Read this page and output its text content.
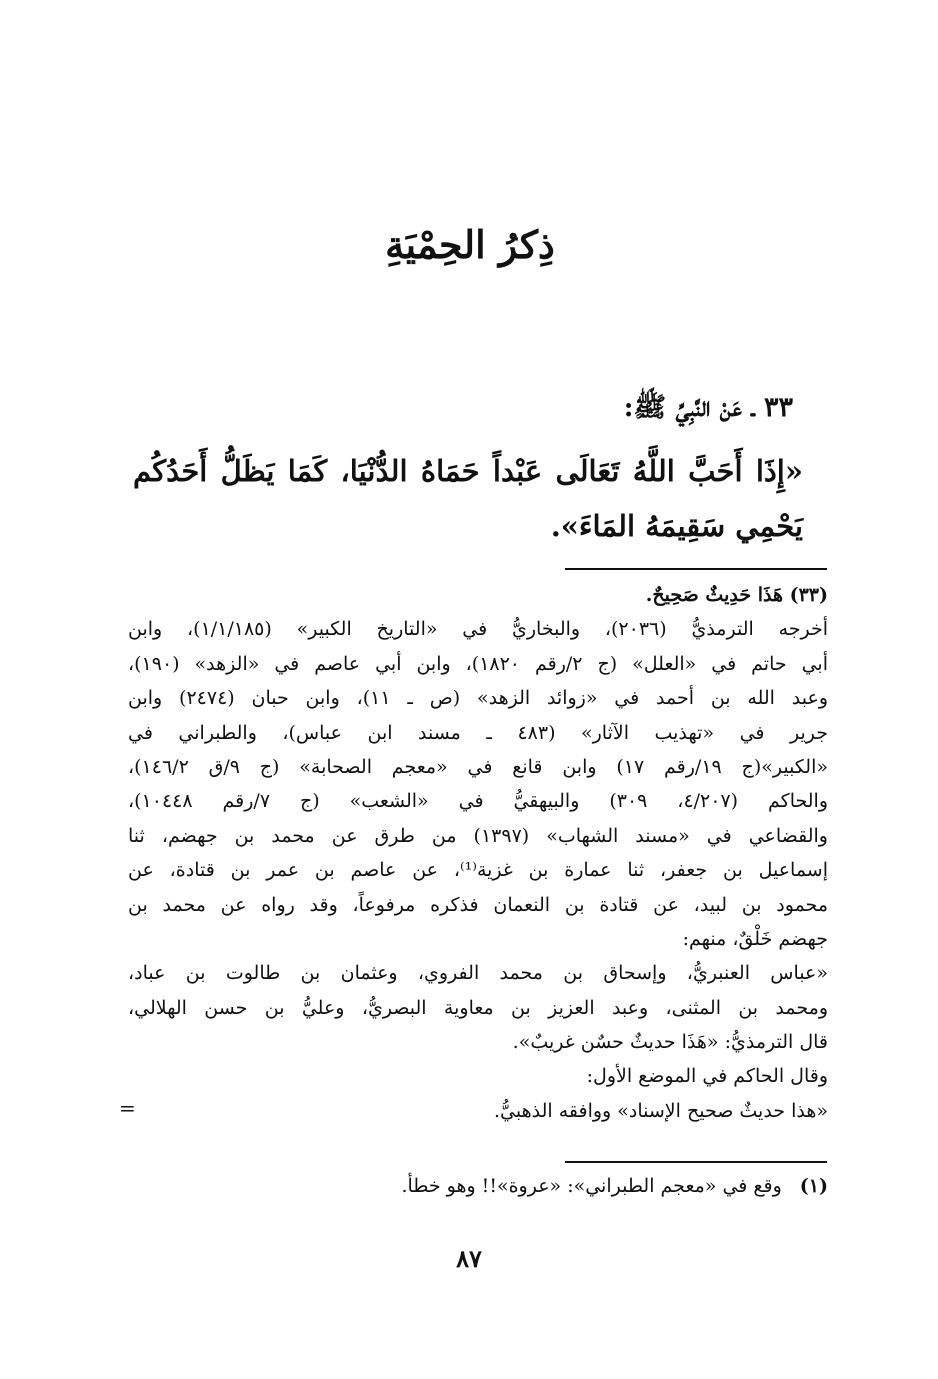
ذِكرُ الحِمْيَةِ
٣٣ ـ عَنْ النَّبِيِّ ﷺ:
«إِذَا أَحَبَّ اللَّهُ تَعَالَى عَبْداً حَمَاهُ الدُّنْيَا، كَمَا يَظَلُّ أَحَدُكُم يَحْمِي سَقِيمَهُ المَاءَ».
(٣٣) هَذَا حَدِيثٌ صَحِيحٌ.
أخرجه الترمذيُّ (٢٠٣٦)، والبخاريُّ في «التاريخ الكبير» (١/١/١٨٥)، وابن
أبي حاتم في «العلل» (ج ٢/رقم ١٨٢٠)، وابن أبي عاصم في «الزهد» (١٩٠)،
وعبد الله بن أحمد في «زوائد الزهد» (ص ـ ١١)، وابن حبان (٢٤٧٤) وابن
جرير في «تهذيب الآثار» (٤٨٣ ـ مسند ابن عباس)، والطبراني في
«الكبير»(ج ١٩/رقم ١٧) وابن قانع في «معجم الصحابة» (ج ٩/ق ١٤٦/٢)،
والحاكم (٤/٢٠٧، ٣٠٩) والبيهقيُّ في «الشعب» (ج ٧/رقم ١٠٤٤٨)،
والقضاعي في «مسند الشهاب» (١٣٩٧) من طرق عن محمد بن جهضم، ثنا
إسماعيل بن جعفر، ثنا عمارة بن غزية⁽¹⁾، عن عاصم بن عمر بن قتادة، عن
محمود بن لبيد، عن قتادة بن النعمان فذكره مرفوعاً، وقد رواه عن محمد بن
جهضم خَلْقٌ، منهم:
«عباس العنبريُّ، وإسحاق بن محمد الفروي، وعثمان بن طالوت بن عباد،
ومحمد بن المثنى، وعبد العزيز بن معاوية البصريُّ، وعليُّ بن حسن الهلالي،
قال الترمذيُّ: «هَذَا حديثٌ حسٌن غريبٌ».
وقال الحاكم في الموضع الأول:
«هذا حديثٌ صحيح الإسناد» ووافقه الذهبيُّ.
=
(١)وقع في «معجم الطبراني»: «عروة»!! وهو خطأ.
٨٧
